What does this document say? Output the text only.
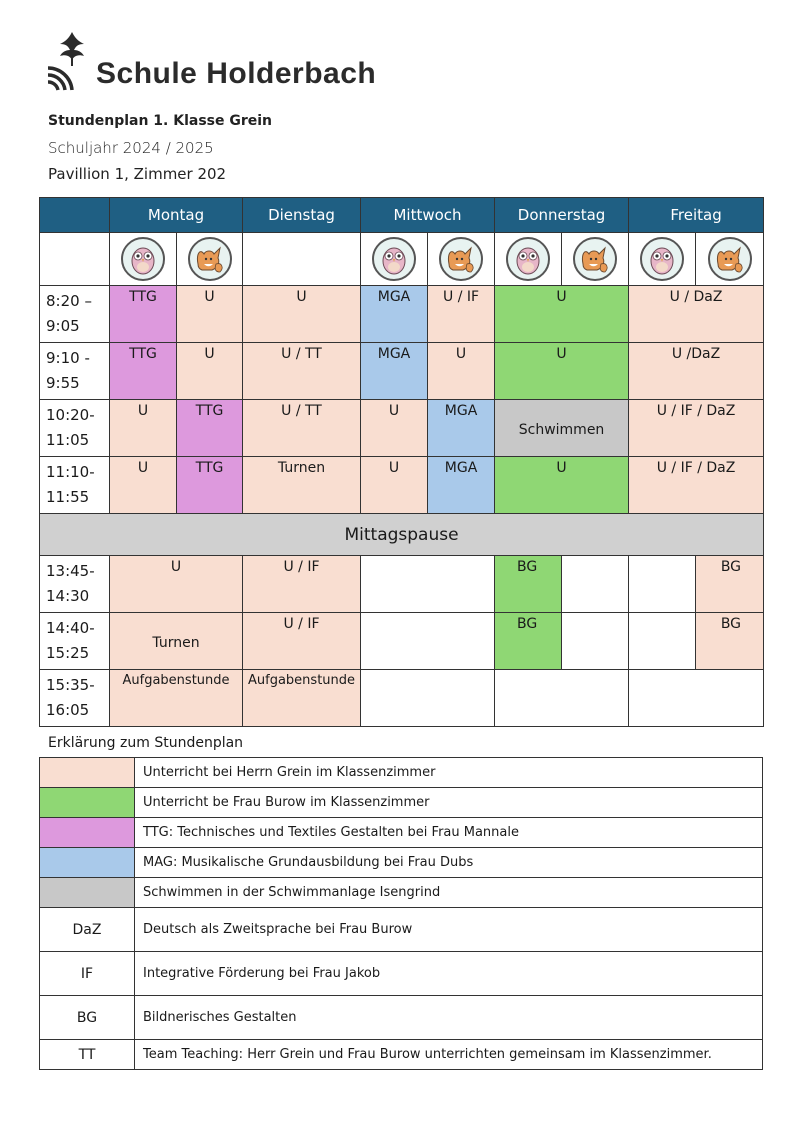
Schule Holderbach
Stundenplan 1. Klasse Grein
Schuljahr 2024 / 2025
Pavillion 1, Zimmer 202
	Montag		Dienstag	Mittwoch		Donnerstag		Freitag	

8:20 –
9:05	TTG	U	U	MGA	U / IF	U		U / DaZ	
9:10 -
9:55	TTG	U	U / TT	MGA	U	U		U /DaZ	
10:20-
11:05	U	TTG	U / TT	U	MGA	Schwimmen		U / IF / DaZ	
11:10-
11:55	U	TTG	Turnen	U	MGA	U		U / IF / DaZ	
Mittagspause									
13:45-
14:30	U		U / IF			BG			BG
14:40-
15:25	Turnen		U / IF			BG			BG
15:35-
16:05	Aufgabenstunde		Aufgabenstunde						
Erklärung zum Stundenplan
	Unterricht bei Herrn Grein im Klassenzimmer
	Unterricht be Frau Burow im Klassenzimmer
	TTG: Technisches und Textiles Gestalten bei Frau Mannale
	MAG: Musikalische Grundausbildung bei Frau Dubs
	Schwimmen in der Schwimmanlage Isengrind
DaZ	Deutsch als Zweitsprache bei Frau Burow
IF	Integrative Förderung bei Frau Jakob
BG	Bildnerisches Gestalten
TT	Team Teaching: Herr Grein und Frau Burow unterrichten gemeinsam im Klassenzimmer.
